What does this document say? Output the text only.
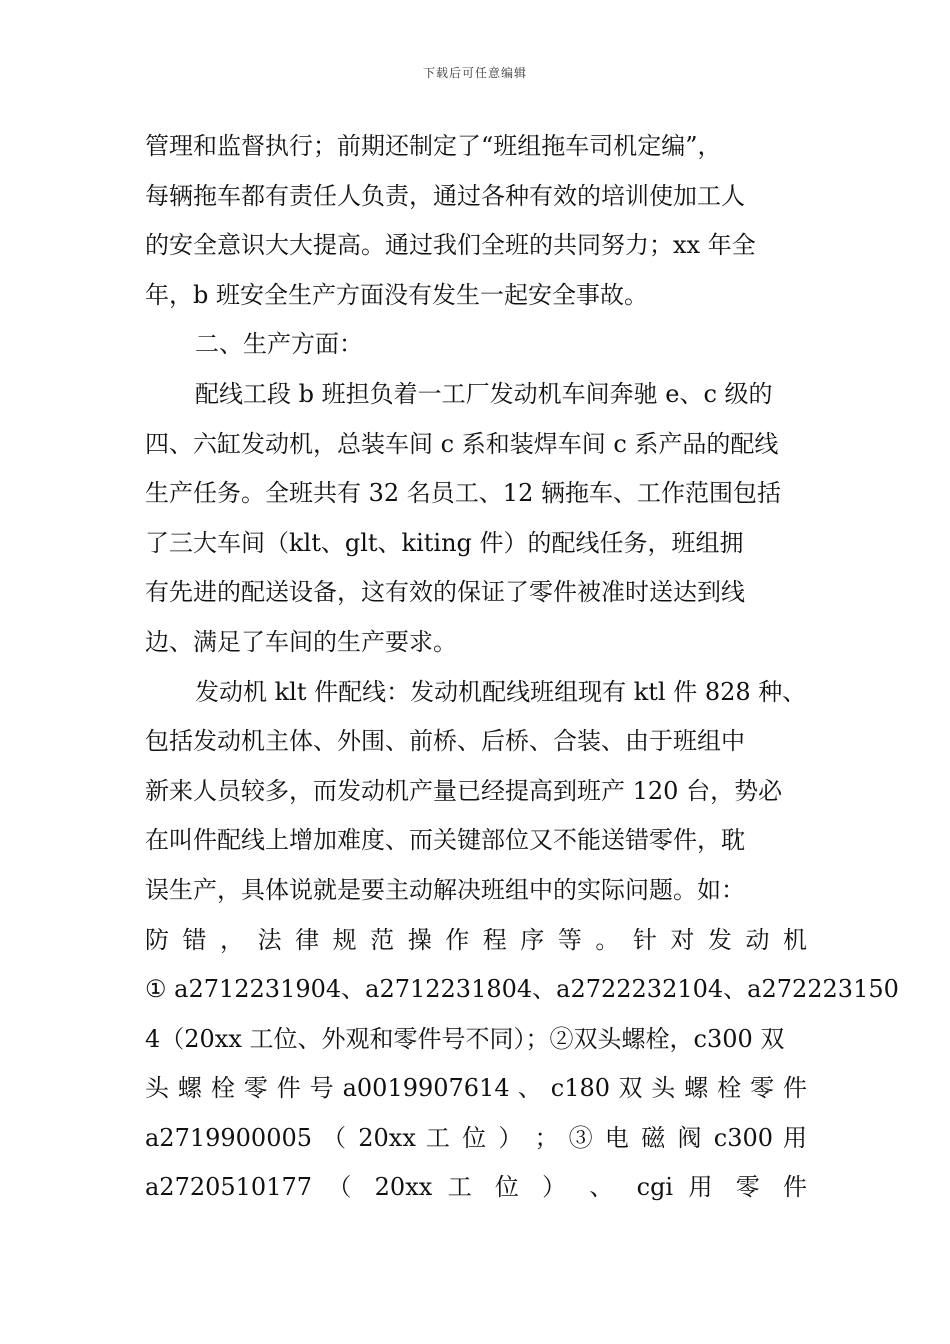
下载后可任意编辑
管理和监督执行；前期还制定了“班组拖车司机定编”，
每辆拖车都有责任人负责，通过各种有效的培训使加工人
的安全意识大大提高。通过我们全班的共同努力；xx 年全
年，b 班安全生产方面没有发生一起安全事故。
二、生产方面：
配线工段 b 班担负着一工厂发动机车间奔驰 e、c 级的
四、六缸发动机，总装车间 c 系和装焊车间 c 系产品的配线
生产任务。全班共有 32 名员工、12 辆拖车、工作范围包括
了三大车间（klt、glt、kiting 件）的配线任务，班组拥
有先进的配送设备，这有效的保证了零件被准时送达到线
边、满足了车间的生产要求。
发动机 klt 件配线：发动机配线班组现有 ktl 件 828 种、
包括发动机主体、外围、前桥、后桥、合装、由于班组中
新来人员较多，而发动机产量已经提高到班产 120 台，势必
在叫件配线上增加难度、而关键部位又不能送错零件，耽
误生产，具体说就是要主动解决班组中的实际问题。如：
防 错 ， 法 律 规 范 操 作 程 序 等 。 针 对 发 动 机
① a2712231904、a2712231804、a2722232104、a272223150
4（20xx 工位、外观和零件号不同）；②双头螺栓，c300 双
头 螺 栓 零 件 号 a0019907614 、 c180 双 头 螺 栓 零 件
a2719900005 （ 20xx 工 位 ） ； ③ 电 磁 阀 c300 用
a2720510177 （ 20xx 工 位 ） 、 cgi 用 零 件
